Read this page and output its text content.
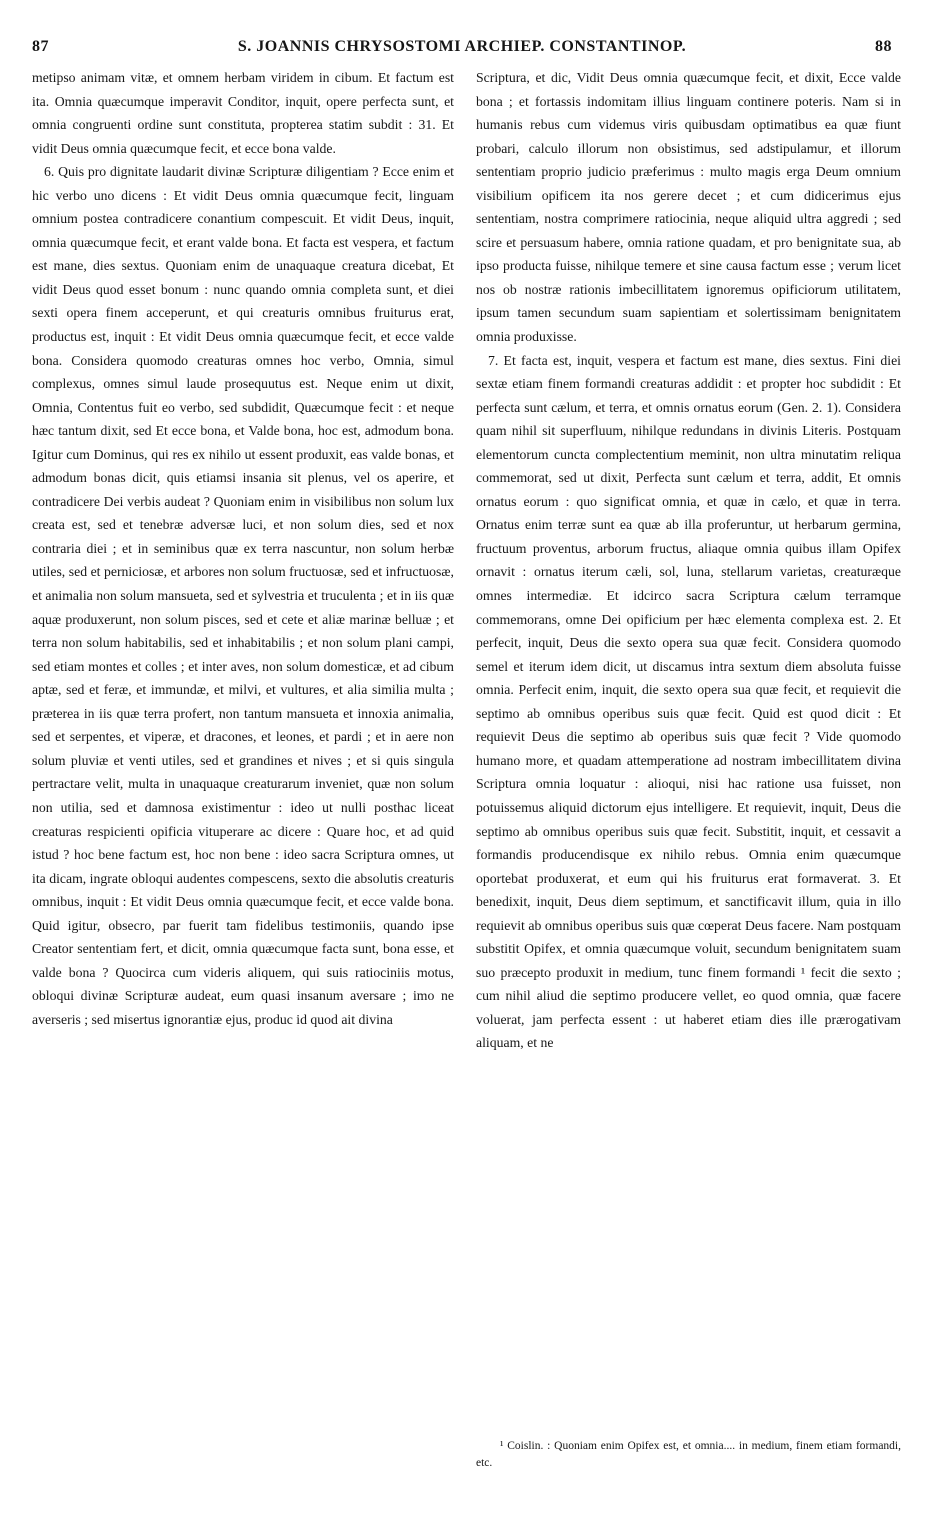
87	S. JOANNIS CHRYSOSTOMI ARCHIEP. CONSTANTINOP.	88

metipso animam vitæ, et omnem herbam viridem in cibum. Et factum est ita. Omnia quæcumque imperavit Conditor, inquit, opere perfecta sunt, et omnia congruenti ordine sunt constituta, propterea statim subdit : 31. Et vidit Deus omnia quæcumque fecit, et ecce bona valde.

6. Quis pro dignitate laudarit divinæ Scripturæ diligentiam ? Ecce enim et hic verbo uno dicens : Et vidit Deus omnia quæcumque fecit, linguam omnium postea contradicere conantium compescuit. Et vidit Deus, inquit, omnia quæcumque fecit, et erant valde bona. Et facta est vespera, et factum est mane, dies sextus. Quoniam enim de unaquaque creatura dicebat, Et vidit Deus quod esset bonum : nunc quando omnia completa sunt, et diei sexti opera finem acceperunt, et qui creaturis omnibus fruiturus erat, productus est, inquit : Et vidit Deus omnia quæcumque fecit, et ecce valde bona. Considera quomodo creaturas omnes hoc verbo, Omnia, simul complexus, omnes simul laude prosequutus est. Neque enim ut dixit, Omnia, Contentus fuit eo verbo, sed subdidit, Quæcumque fecit : et neque hæc tantum dixit, sed Et ecce bona, et Valde bona, hoc est, admodum bona. Igitur cum Dominus, qui res ex nihilo ut essent produxit, eas valde bonas, et admodum bonas dicit, quis etiamsi insania sit plenus, vel os aperire, et contradicere Dei verbis audeat ? Quoniam enim in visibilibus non solum lux creata est, sed et tenebræ adversæ luci, et non solum dies, sed et nox contraria diei ; et in seminibus quæ ex terra nascuntur, non solum herbæ utiles, sed et perniciosæ, et arbores non solum fructuosæ, sed et infructuosæ, et animalia non solum mansueta, sed et sylvestria et truculenta ; et in iis quæ aquæ produxerunt, non solum pisces, sed et cete et aliæ marinæ belluæ ; et terra non solum habitabilis, sed et inhabitabilis ; et non solum plani campi, sed etiam montes et colles ; et inter aves, non solum domesticæ, et ad cibum aptæ, sed et feræ, et immundæ, et milvi, et vultures, et alia similia multa ; præterea in iis quæ terra profert, non tantum mansueta et innoxia animalia, sed et serpentes, et viperæ, et dracones, et leones, et pardi ; et in aere non solum pluviæ et venti utiles, sed et grandines et nives ; et si quis singula pertractare velit, multa in unaquaque creaturarum inveniet, quæ non solum non utilia, sed et damnosa existimentur : ideo ut nulli posthac liceat creaturas respicienti opificia vituperare ac dicere : Quare hoc, et ad quid istud ? hoc bene factum est, hoc non bene : ideo sacra Scriptura omnes, ut ita dicam, ingrate obloqui audentes compescens, sexto die absolutis creaturis omnibus, inquit : Et vidit Deus omnia quæcumque fecit, et ecce valde bona. Quid igitur, obsecro, par fuerit tam fidelibus testimoniis, quando ipse Creator sententiam fert, et dicit, omnia quæcumque facta sunt, bona esse, et valde bona ? Quocirca cum videris aliquem, qui suis ratiociniis motus, obloqui divinæ Scripturæ audeat, eum quasi insanum aversare ; imo ne averseris ; sed misertus ignorantiæ ejus, produc id quod ait divina

Scriptura, et dic, Vidit Deus omnia quæcumque fecit, et dixit, Ecce valde bona ; et fortassis indomitam illius linguam continere poteris. Nam si in humanis rebus cum videmus viris quibusdam optimatibus ea quæ fiunt probari, calculo illorum non obsistimus, sed adstipulamur, et illorum sententiam proprio judicio præferimus : multo magis erga Deum omnium visibilium opificem ita nos gerere decet ; et cum didicerimus ejus sententiam, nostra comprimere ratiocinia, neque aliquid ultra aggredi ; sed scire et persuasum habere, omnia ratione quadam, et pro benignitate sua, ab ipso producta fuisse, nihilque temere et sine causa factum esse ; verum licet nos ob nostræ rationis imbecillitatem ignoremus opificiorum utilitatem, ipsum tamen secundum suam sapientiam et solertissimam benignitatem omnia produxisse.

7. Et facta est, inquit, vespera et factum est mane, dies sextus. Fini diei sextæ etiam finem formandi creaturas addidit : et propter hoc subdidit : Et perfecta sunt cælum, et terra, et omnis ornatus eorum (Gen. 2. 1). Considera quam nihil sit superfluum, nihilque redundans in divinis Literis. Postquam elementorum cuncta complectentium meminit, non ultra minutatim reliqua commemorat, sed ut dixit, Perfecta sunt cælum et terra, addit, Et omnis ornatus eorum : quo significat omnia, et quæ in cælo, et quæ in terra. Ornatus enim terræ sunt ea quæ ab illa proferuntur, ut herbarum germina, fructuum proventus, arborum fructus, aliaque omnia quibus illam Opifex ornavit : ornatus iterum cæli, sol, luna, stellarum varietas, creaturæque omnes intermediæ. Et idcirco sacra Scriptura cælum terramque commemorans, omne Dei opificium per hæc elementa complexa est. 2. Et perfecit, inquit, Deus die sexto opera sua quæ fecit. Considera quomodo semel et iterum idem dicit, ut discamus intra sextum diem absoluta fuisse omnia. Perfecit enim, inquit, die sexto opera sua quæ fecit, et requievit die septimo ab omnibus operibus suis quæ fecit. Quid est quod dicit : Et requievit Deus die septimo ab operibus suis quæ fecit ? Vide quomodo humano more, et quadam attemperatione ad nostram imbecillitatem divina Scriptura omnia loquatur : alioqui, nisi hac ratione usa fuisset, non potuissemus aliquid dictorum ejus intelligere. Et requievit, inquit, Deus die septimo ab omnibus operibus suis quæ fecit. Substitit, inquit, et cessavit a formandis producendisque ex nihilo rebus. Omnia enim quæcumque oportebat produxerat, et eum qui his fruiturus erat formaverat. 3. Et benedixit, inquit, Deus diem septimum, et sanctificavit illum, quia in illo requievit ab omnibus operibus suis quæ cœperat Deus facere. Nam postquam substitit Opifex, et omnia quæcumque voluit, secundum benignitatem suam suo præcepto produxit in medium, tunc finem formandi ¹ fecit die sexto ; cum nihil aliud die septimo producere vellet, eo quod omnia, quæ facere voluerat, jam perfecta essent : ut haberet etiam dies ille prærogativam aliquam, et ne

¹ Coislin. : Quoniam enim Opifex est, et omnia.... in medium, finem etiam formandi, etc.
